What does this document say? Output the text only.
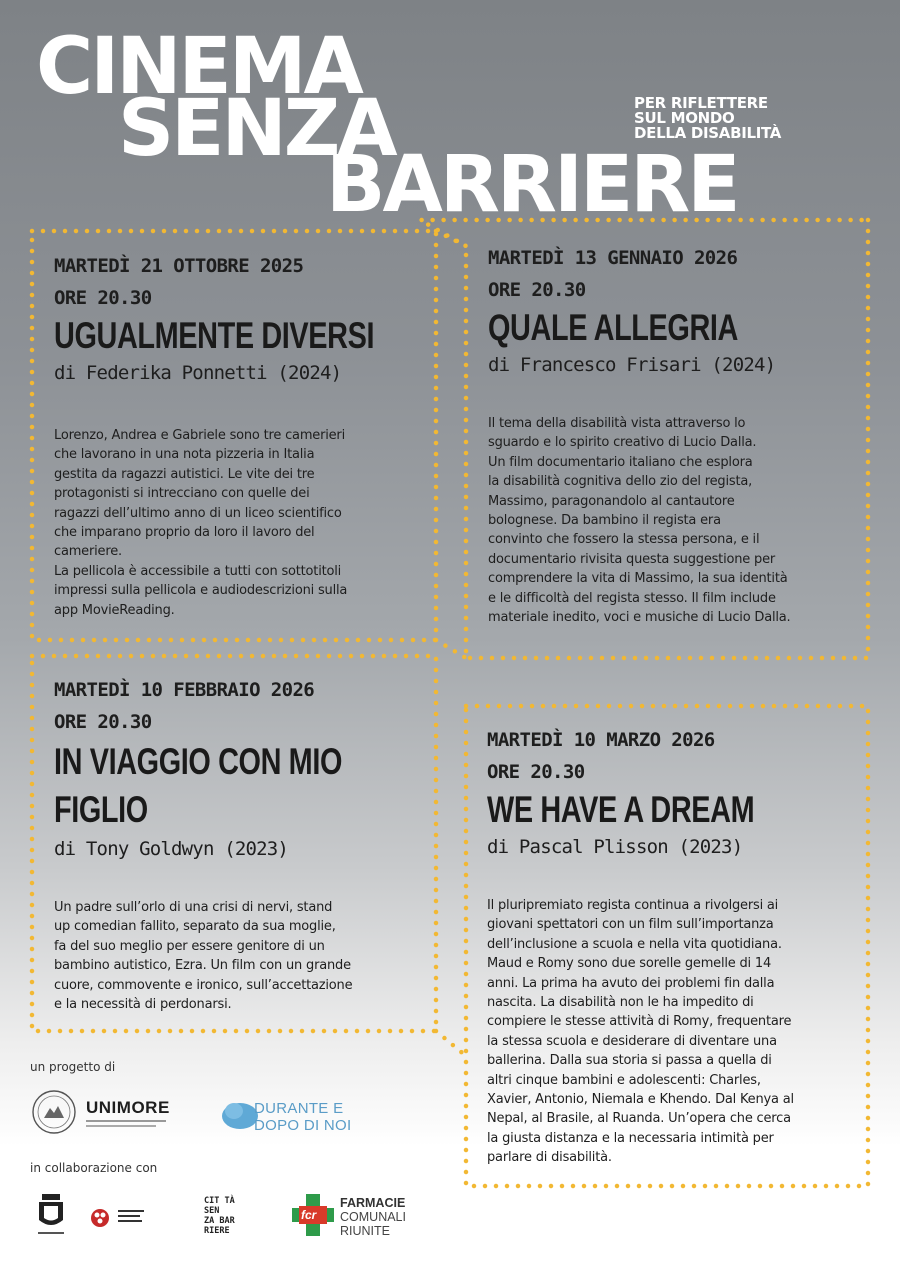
CINEMA
SENZA
BARRIERE
PER RIFLETTERE
SUL MONDO
DELLA DISABILITÀ
MARTEDÌ 21 OTTOBRE 2025
ORE 20.30
UGUALMENTE DIVERSI
di Federika Ponnetti (2024)

Lorenzo, Andrea e Gabriele sono tre camerieri

che lavorano in una nota pizzeria in Italia

gestita da ragazzi autistici. Le vite dei tre

protagonisti si intrecciano con quelle dei

ragazzi dell’ultimo anno di un liceo scientifico

che imparano proprio da loro il lavoro del

cameriere.

La pellicola è accessibile a tutti con sottotitoli

impressi sulla pellicola e audiodescrizioni sulla

app MovieReading.

MARTEDÌ 13 GENNAIO 2026
ORE 20.30
QUALE ALLEGRIA
di Francesco Frisari (2024)

Il tema della disabilità vista attraverso lo

sguardo e lo spirito creativo di Lucio Dalla.

Un film documentario italiano che esplora

la disabilità cognitiva dello zio del regista,

Massimo, paragonandolo al cantautore

bolognese. Da bambino il regista era

convinto che fossero la stessa persona, e il

documentario rivisita questa suggestione per

comprendere la vita di Massimo, la sua identità

e le difficoltà del regista stesso. Il film include

materiale inedito, voci e musiche di Lucio Dalla.

MARTEDÌ 10 FEBBRAIO 2026
ORE 20.30
IN VIAGGIO CON MIO
FIGLIO
di Tony Goldwyn (2023)

Un padre sull’orlo di una crisi di nervi, stand

up comedian fallito, separato da sua moglie,

fa del suo meglio per essere genitore di un

bambino autistico, Ezra. Un film con un grande

cuore, commovente e ironico, sull’accettazione

e la necessità di perdonarsi.

MARTEDÌ 10 MARZO 2026
ORE 20.30
WE HAVE A DREAM
di Pascal Plisson (2023)

Il pluripremiato regista continua a rivolgersi ai

giovani spettatori con un film sull’importanza

dell’inclusione a scuola e nella vita quotidiana.

Maud e Romy sono due sorelle gemelle di 14

anni. La prima ha avuto dei problemi fin dalla

nascita. La disabilità non le ha impedito di

compiere le stesse attività di Romy, frequentare

la stessa scuola e desiderare di diventare una

ballerina. Dalla sua storia si passa a quella di

altri cinque bambini e adolescenti: Charles,

Xavier, Antonio, Niemala e Khendo. Dal Kenya al

Nepal, al Brasile, al Ruanda. Un’opera che cerca

la giusta distanza e la necessaria intimità per

parlare di disabilità.

un progetto di
UNIMORE	DURANTE E
DOPO DI NOI
in collaborazione con
CIT TÀ
SEN
ZA BAR
RIERE
fcr
FARMACIE
COMUNALI
RIUNITE
